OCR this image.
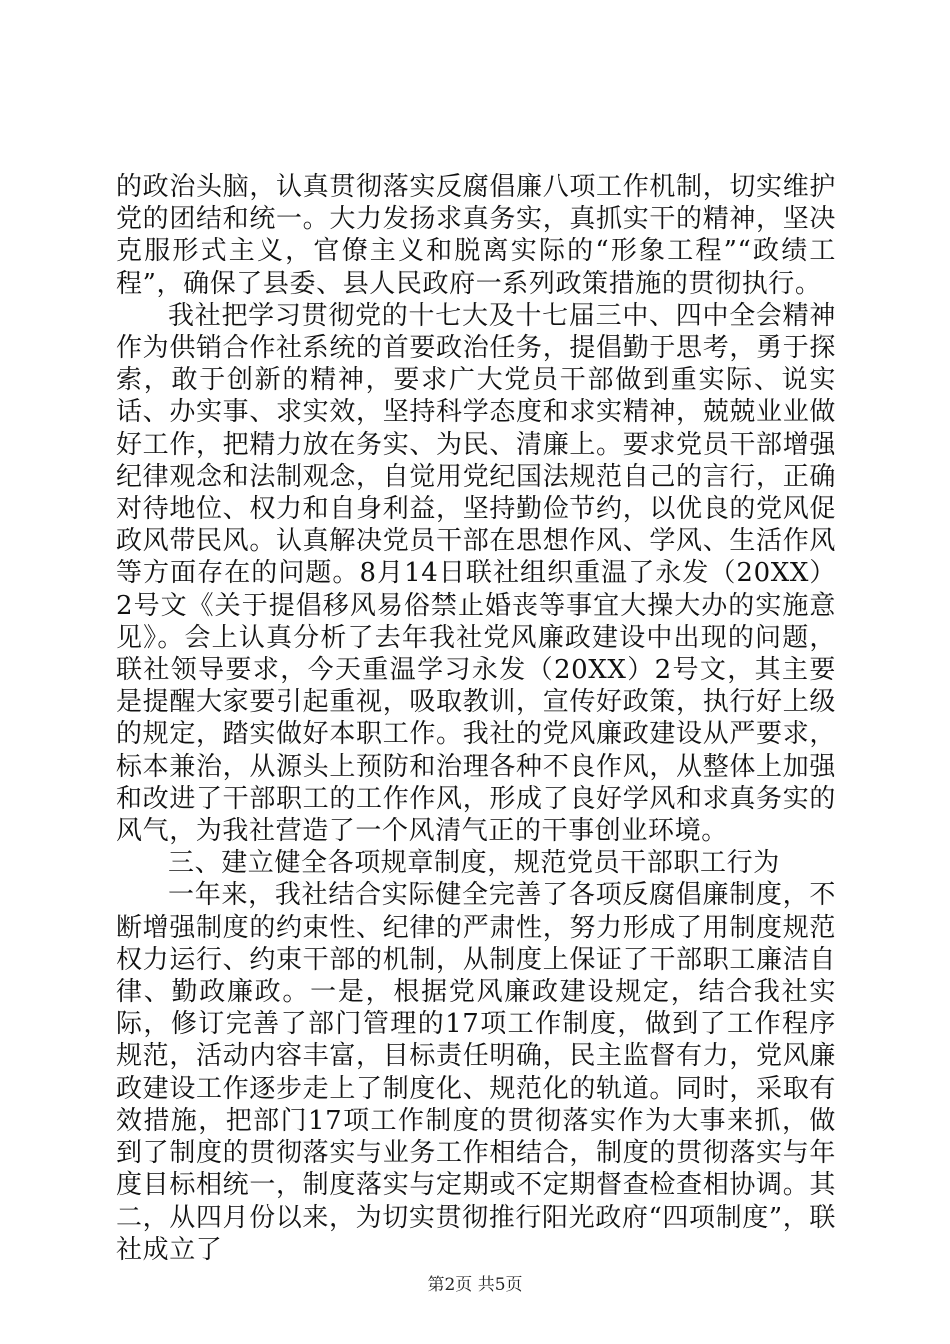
的政治头脑，认真贯彻落实反腐倡廉八项工作机制，切实维护党的团结和统一。大力发扬求真务实，真抓实干的精神，坚决克服形式主义，官僚主义和脱离实际的“形象工程”“政绩工程”，确保了县委、县人民政府一系列政策措施的贯彻执行。

我社把学习贯彻党的十七大及十七届三中、四中全会精神作为供销合作社系统的首要政治任务，提倡勤于思考，勇于探索，敢于创新的精神，要求广大党员干部做到重实际、说实话、办实事、求实效，坚持科学态度和求实精神，兢兢业业做好工作，把精力放在务实、为民、清廉上。要求党员干部增强纪律观念和法制观念，自觉用党纪国法规范自己的言行，正确对待地位、权力和自身利益，坚持勤俭节约，以优良的党风促政风带民风。认真解决党员干部在思想作风、学风、生活作风等方面存在的问题。8月14日联社组织重温了永发（20XX）2号文《关于提倡移风易俗禁止婚丧等事宜大操大办的实施意见》。会上认真分析了去年我社党风廉政建设中出现的问题，联社领导要求，今天重温学习永发（20XX）2号文，其主要是提醒大家要引起重视，吸取教训，宣传好政策，执行好上级的规定，踏实做好本职工作。我社的党风廉政建设从严要求，标本兼治，从源头上预防和治理各种不良作风，从整体上加强和改进了干部职工的工作作风，形成了良好学风和求真务实的风气，为我社营造了一个风清气正的干事创业环境。

三、建立健全各项规章制度，规范党员干部职工行为

一年来，我社结合实际健全完善了各项反腐倡廉制度，不断增强制度的约束性、纪律的严肃性，努力形成了用制度规范权力运行、约束干部的机制，从制度上保证了干部职工廉洁自律、勤政廉政。一是，根据党风廉政建设规定，结合我社实际，修订完善了部门管理的17项工作制度，做到了工作程序规范，活动内容丰富，目标责任明确，民主监督有力，党风廉政建设工作逐步走上了制度化、规范化的轨道。同时，采取有效措施，把部门17项工作制度的贯彻落实作为大事来抓，做到了制度的贯彻落实与业务工作相结合，制度的贯彻落实与年度目标相统一，制度落实与定期或不定期督查检查相协调。其二，从四月份以来，为切实贯彻推行阳光政府“四项制度”，联社成立了

第2页 共5页
